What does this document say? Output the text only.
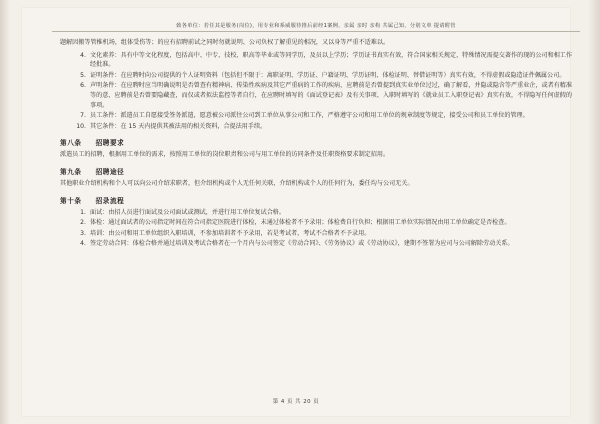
致各单位：若任其是服务(岗位)，用专业和系威服待推后前经1案例、亲属 亲时 亲构 共属己知、分别文单 提请附管

题解因搬等管椎机场，组体受伤等；的应有招聘前试之同时勿就说明、公司负权了解重见的相况，又以身等严重不适难以。

4. 文化素养：具有中等文化程度，包括高中、中专、技校、职高等毕业或等同学历，及员以上学历；学历证书真实有效，符合国家相关规定，特殊情况需提交著作的现的公司和相工作经批准。
5. 证明条件：在应聘时向公司提供的个人证明资料（包括但不限于：离职证明、学历证、户籍证明、学历证明、体检证明、替借证明等）真实有效，不得虚假或隐造证件佩属公司。
6. 声明条件：在应聘时应当明确说明是否曾查有精神病、传染性疾病及其它严重病的工作的疾病，应聘前是否曾提到真实业单位过过，确了解看，并隐或隐含等严重业企，或者有精准等的意，应聘前是否曾要隐藏查，而仅或者拟法监控等者自行，在应聘时填写的《面试登记表》及有关事项、入职时填写的《就业员工入职登记表》真实有效，不得隐写任何虚假的事项。
7. 员工条件：派遣员工自愿接受签务派遣，愿意被公司派往公司到工单位从事公司和工作，严格遵守公司和用工单位的规章制度等规定，接受公司和员工单位的管理。
10. 其它条件：在 15 天内提供其被法用的相关资料，合提法用手续。
第八条 招聘要求

派遣员工的招聘，根据用工单位的需求，按照用工单位的岗位职责和公司与用工单位的访同条件及任职资格要求制定招用。

第九条 招聘途径

其他职业介绍机构和个人可以向公司介绍求职者，但介绍机构或个人无任何关联，介绍机构或个人的任何行为，委任均与公司无关。

第十条 招录流程
1. 面试：由招人员进行面试及公司面试或测试，并进行用工单位复试合格。
2. 体检：通过面试者的公司指定时间在符合司指定医院进行体检，未通过体检者不予录用；体检费自行负担；根据用工单位实际情况由用工单位确定是否检查。
3. 培训：由公司和用工单位组织入职培训，不参加培训者不予录用，若是考试者，考试不合格者不予录用。
4. 签定劳动合同：体检合格并通过培训及考试合格者在一个月内与公司签定《劳动合同》、《劳务协议》或《劳动协议》，建期不签署为应司与公司解除劳动关系。
第 4 页 共 20 页
